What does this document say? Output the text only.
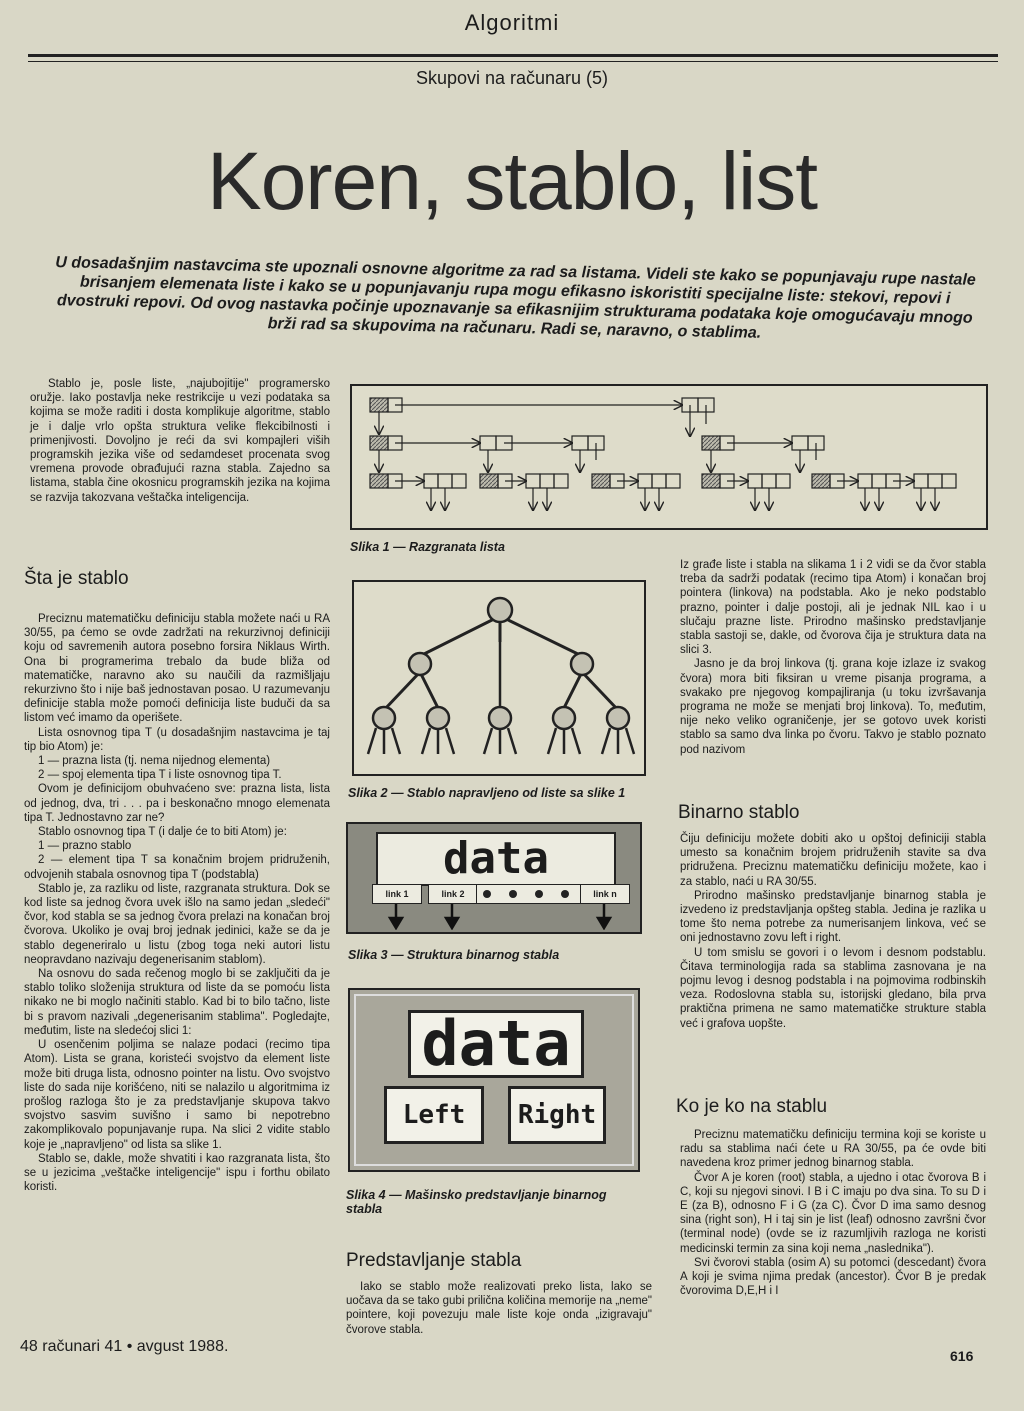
Algoritmi
Skupovi na računaru (5)
Koren, stablo, list
U dosadašnjim nastavcima ste upoznali osnovne algoritme za rad sa listama. Videli ste kako se popunjavaju rupe nastale brisanjem elemenata liste i kako se u popunjavanju rupa mogu efikasno iskoristiti specijalne liste: stekovi, repovi i dvostruki repovi. Od ovog nastavka počinje upoznavanje sa efikasnijim strukturama podataka koje omogućavaju mnogo brži rad sa skupovima na računaru. Radi se, naravno, o stablima.

Stablo je, posle liste, „najubojitije" programersko oružje. Iako postavlja neke restrikcije u vezi podataka sa kojima se može raditi i dosta komplikuje algoritme, stablo je i dalje vrlo opšta struktura velike flekcibilnosti i primenjivosti. Dovoljno je reći da svi kompajleri viših programskih jezika više od sedamdeset procenata svog vremena provode obrađujući razna stabla. Zajedno sa listama, stabla čine okosnicu programskih jezika na kojima se razvija takozvana veštačka inteligencija.

Šta je stablo

Preciznu matematičku definiciju stabla možete naći u RA 30/55, pa ćemo se ovde zadržati na rekurzivnoj definiciji koju od savremenih autora posebno forsira Niklaus Wirth. Ona bi programerima trebalo da bude bliža od matematičke, naravno ako su naučili da razmišljaju rekurzivno što i nije baš jednostavan posao. U razumevanju definicije stabla može pomoći definicija liste buduči da sa listom već imamo da operišete.

Lista osnovnog tipa T (u dosadašnjim nastavcima je taj tip bio Atom) je:

1 — prazna lista (tj. nema nijednog elementa)

2 — spoj elementa tipa T i liste osnovnog tipa T.

Ovom je definicijom obuhvaćeno sve: prazna lista, lista od jednog, dva, tri . . . pa i beskonačno mnogo elemenata tipa T. Jednostavno zar ne?

Stablo osnovnog tipa T (i dalje će to biti Atom) je:

1 — prazno stablo

2 — element tipa T sa konačnim brojem pridruženih, odvojenih stabala osnovnog tipa T (podstabla)

Stablo je, za razliku od liste, razgranata struktura. Dok se kod liste sa jednog čvora uvek išlo na samo jedan „sledeći" čvor, kod stabla se sa jednog čvora prelazi na konačan broj čvorova. Ukoliko je ovaj broj jednak jedinici, kaže se da je stablo degeneriralo u listu (zbog toga neki autori listu neopravdano nazivaju degenerisanim stablom).

Na osnovu do sada rečenog moglo bi se zaključiti da je stablo toliko složenija struktura od liste da se pomoću lista nikako ne bi moglo načiniti stablo. Kad bi to bilo tačno, liste bi s pravom nazivali „degenerisanim stablima". Pogledajte, međutim, liste na sledećoj slici 1:

U osenčenim poljima se nalaze podaci (recimo tipa Atom). Lista se grana, koristeći svojstvo da element liste može biti druga lista, odnosno pointer na listu. Ovo svojstvo liste do sada nije korišćeno, niti se nalazilo u algoritmima iz prošlog razloga što je za predstavljanje skupova takvo svojstvo sasvim suvišno i samo bi nepotrebno zakomplikovalo popunjavanje rupa. Na slici 2 vidite stablo koje je „napravljeno" od lista sa slike 1.

Stablo se, dakle, može shvatiti i kao razgranata lista, što se u jezicima „veštačke inteligencije" ispu i forthu obilato koristi.

Slika 1 — Razgranata lista
Slika 2 — Stablo napravljeno od liste sa slike 1
data
link 1	link 2	link n
Slika 3 — Struktura binarnog stabla
data
Left	Right
Slika 4 — Mašinsko predstavljanje binarnog stabla
Predstavljanje stabla

Iako se stablo može realizovati preko lista, lako se uočava da se tako gubi prilična količina memorije na „neme" pointere, koji povezuju male liste koje onda „izigravaju" čvorove stabla.

Iz građe liste i stabla na slikama 1 i 2 vidi se da čvor stabla treba da sadrži podatak (recimo tipa Atom) i konačan broj pointera (linkova) na podstabla. Ako je neko podstablo prazno, pointer i dalje postoji, ali je jednak NIL kao i u slučaju prazne liste. Prirodno mašinsko predstavljanje stabla sastoji se, dakle, od čvorova čija je struktura data na slici 3.

Jasno je da broj linkova (tj. grana koje izlaze iz svakog čvora) mora biti fiksiran u vreme pisanja programa, a svakako pre njegovog kompajliranja (u toku izvršavanja programa ne može se menjati broj linkova). To, međutim, nije neko veliko ograničenje, jer se gotovo uvek koristi stablo sa samo dva linka po čvoru. Takvo je stablo poznato pod nazivom

Binarno stablo

Čiju definiciju možete dobiti ako u opštoj definiciji stabla umesto sa konačnim brojem pridruženih stavite sa dva pridružena. Preciznu matematičku definiciju možete, kao i za stablo, naći u RA 30/55.

Prirodno mašinsko predstavljanje binarnog stabla je izvedeno iz predstavljanja opšteg stabla. Jedina je razlika u tome što nema potrebe za numerisanjem linkova, već se oni jednostavno zovu left i right.

U tom smislu se govori i o levom i desnom podstablu. Čitava terminologija rada sa stablima zasnovana je na pojmu levog i desnog podstabla i na pojmovima rodbinskih veza. Rodoslovna stabla su, istorijski gledano, bila prva praktična primena ne samo matematičke strukture stabla već i grafova uopšte.

Ko je ko na stablu

Preciznu matematičku definiciju termina koji se koriste u radu sa stablima naći ćete u RA 30/55, pa će ovde biti navedena kroz primer jednog binarnog stabla.

Čvor A je koren (root) stabla, a ujedno i otac čvorova B i C, koji su njegovi sinovi. I B i C imaju po dva sina. To su D i E (za B), odnosno F i G (za C). Čvor D ima samo desnog sina (right son), H i taj sin je list (leaf) odnosno završni čvor (terminal node) (ovde se iz razumljivih razloga ne koristi medicinski termin za sina koji nema „naslednika").

Svi čvorovi stabla (osim A) su potomci (descedant) čvora A koji je svima njima predak (ancestor). Čvor B je predak čvorovima D,E,H i I

48 računari 41 • avgust 1988.
616
